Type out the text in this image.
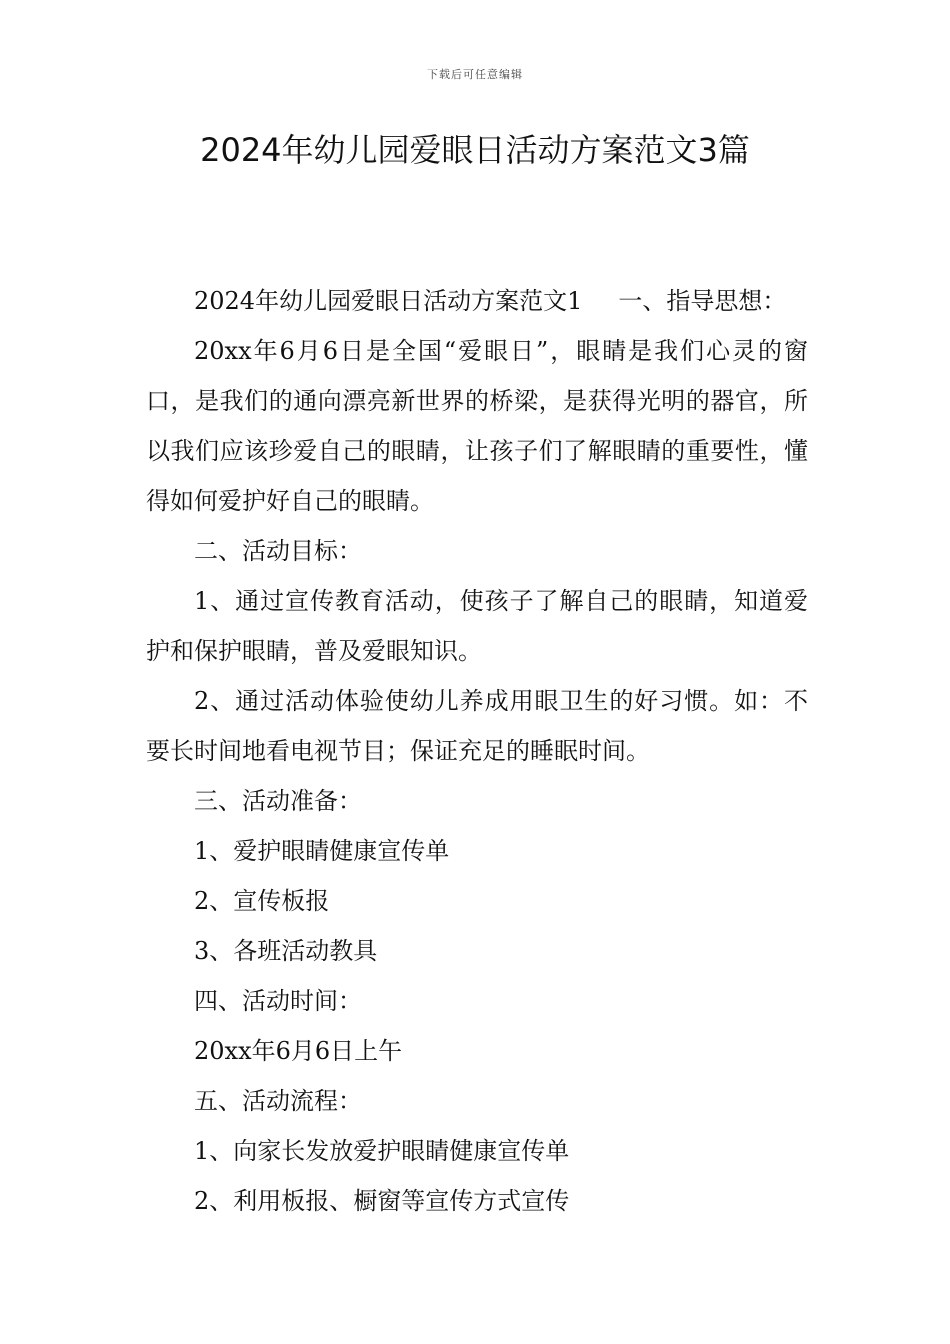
下载后可任意编辑
2024年幼儿园爱眼日活动方案范文3篇

2024年幼儿园爱眼日活动方案范文1 一、指导思想：

20xx年6月6日是全国“爱眼日”，眼睛是我们心灵的窗口，是我们的通向漂亮新世界的桥梁，是获得光明的器官，所以我们应该珍爱自己的眼睛，让孩子们了解眼睛的重要性，懂得如何爱护好自己的眼睛。

二、活动目标：

1、通过宣传教育活动，使孩子了解自己的眼睛，知道爱护和保护眼睛，普及爱眼知识。

2、通过活动体验使幼儿养成用眼卫生的好习惯。如：不要长时间地看电视节目；保证充足的睡眠时间。

三、活动准备：

1、爱护眼睛健康宣传单

2、宣传板报

3、各班活动教具

四、活动时间：

20xx年6月6日上午

五、活动流程：

1、向家长发放爱护眼睛健康宣传单

2、利用板报、橱窗等宣传方式宣传
